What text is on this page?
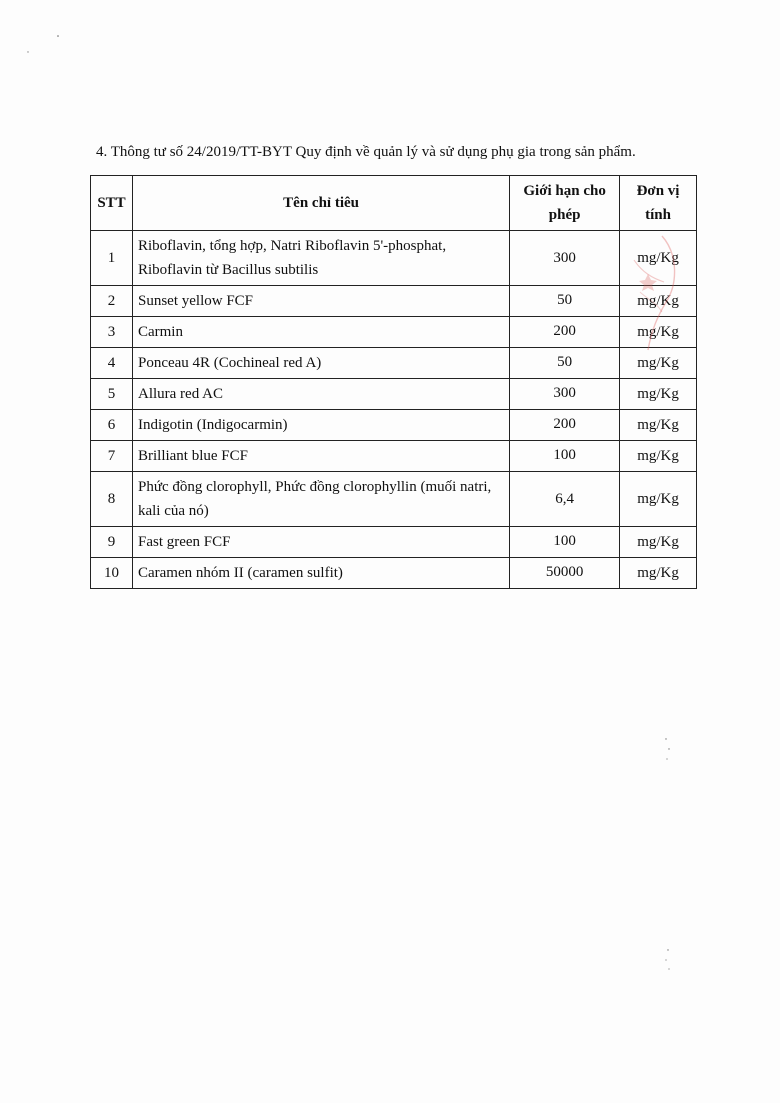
4. Thông tư số 24/2019/TT-BYT Quy định về quản lý và sử dụng phụ gia trong sản phẩm.
STT	Tên chỉ tiêu	Giới hạn cho phép	Đơn vị tính
1	Riboflavin, tổng hợp, Natri Riboflavin 5'-phosphat, Riboflavin từ Bacillus subtilis	300	mg/Kg
2	Sunset yellow FCF	50	mg/Kg
3	Carmin	200	mg/Kg
4	Ponceau 4R (Cochineal red A)	50	mg/Kg
5	Allura red AC	300	mg/Kg
6	Indigotin (Indigocarmin)	200	mg/Kg
7	Brilliant blue FCF	100	mg/Kg
8	Phức đồng clorophyll, Phức đồng clorophyllin (muối natri, kali của nó)	6,4	mg/Kg
9	Fast green FCF	100	mg/Kg
10	Caramen nhóm II (caramen sulfit)	50000	mg/Kg
